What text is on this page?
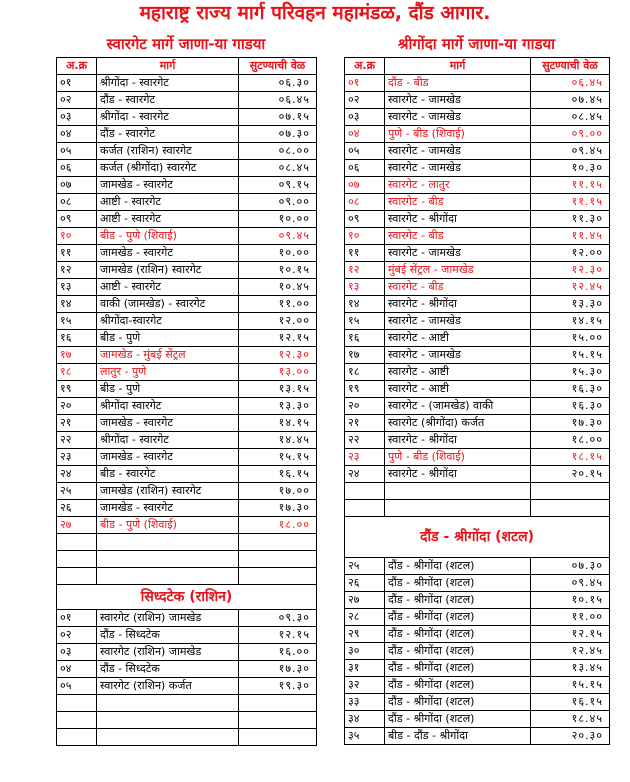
महाराष्ट्र राज्य मार्ग परिवहन महामंडळ, दौंड आगार.
स्वारगेट मार्गे जाणा-या गाडया	श्रीगोंदा मार्गे जाणा-या गाडया
अ.क्र	मार्ग	सुटण्याची वेळ
०१	श्रीगोंदा - स्वारगेट	०६.३०
०२	दौंड - स्वारगेट	०६.४५
०३	श्रीगोंदा - स्वारगेट	०७.१५
०४	दौंड - स्वारगेट	०७.३०
०५	कर्जत (राशिन) स्वारगेट	०८.००
०६	कर्जत (श्रीगोंदा) स्वारगेट	०८.४५
०७	जामखेड - स्वारगेट	०९.१५
०८	आष्टी - स्वारगेट	०९.००
०९	आष्टी - स्वारगेट	१०.००
१०	बीड - पुणे (शिवाई)	०९.४५
११	जामखेड - स्वारगेट	१०.००
१२	जामखेड (राशिन) स्वारगेट	१०.१५
१३	आष्टी - स्वारगेट	१०.४५
१४	वाकी (जामखेड) - स्वारगेट	११.००
१५	श्रीगोंदा-स्वारगेट	१२.००
१६	बीड - पुणे	१२.१५
१७	जामखेड - मुंबई सेंट्रल	१२.३०
१८	लातुर - पुणे	१३.००
१९	बीड - पुणे	१३.१५
२०	श्रीगोंदा स्वारगेट	१३.३०
२१	जामखेड - स्वारगेट	१४.१५
२२	श्रीगोंदा - स्वारगेट	१४.४५
२३	जामखेड - स्वारगेट	१५.१५
२४	बीड - स्वारगेट	१६.१५
२५	जामखेड (राशिन) स्वारगेट	१७.००
२६	जामखेड - स्वारगेट	१७.३०
२७	बीड - पुणे (शिवाई)	१८.००

सिध्दटेक (राशिन)		
०१	स्वारगेट (राशिन) जामखेड	०९.३०
०२	दौंड - सिध्दटेक	१२.१५
०३	स्वारगेट (राशिन) जामखेड	१६.००
०४	दौंड - सिध्दटेक	१७.३०
०५	स्वारगेट (राशिन) कर्जत	१९.३०

अ.क्र	मार्ग	सुटण्याची वेळ
०१	दौंड - बीड	०६.४५
०२	स्वारगेट - जामखेड	०७.४५
०३	स्वारगेट - जामखेड	०८.४५
०४	पुणे - बीड (शिवाई)	०९.००
०५	स्वारगेट - जामखेड	०९.४५
०६	स्वारगेट - जामखेड	१०.३०
०७	स्वारगेट - लातुर	११.१५
०८	स्वारगेट - बीड	११.१५
०९	स्वारगेट - श्रीगोंदा	११.३०
१०	स्वारगेट - बीड	११.४५
११	स्वारगेट - जामखेड	१२.००
१२	मुंबई सेंट्रल - जामखेड	१२.३०
१३	स्वारगेट - बीड	१२.४५
१४	स्वारगेट - श्रीगोंदा	१३.३०
१५	स्वारगेट - जामखेड	१४.१५
१६	स्वारगेट - आष्टी	१५.००
१७	स्वारगेट - जामखेड	१५.१५
१८	स्वारगेट - आष्टी	१५.३०
१९	स्वारगेट - आष्टी	१६.३०
२०	स्वारगेट - (जामखेड) वाकी	१६.३०
२१	स्वारगेट (श्रीगोंदा) कर्जत	१७.३०
२२	स्वारगेट - श्रीगोंदा	१८.००
२३	पुणे - बीड (शिवाई)	१८.१५
२४	स्वारगेट - श्रीगोंदा	२०.१५

दौंड - श्रीगोंदा (शटल)		
२५	दौंड - श्रीगोंदा (शटल)	०७.३०
२६	दौंड - श्रीगोंदा (शटल)	०९.४५
२७	दौंड - श्रीगोंदा (शटल)	१०.१५
२८	दौंड - श्रीगोंदा (शटल)	११.००
२९	दौंड - श्रीगोंदा (शटल)	१२.१५
३०	दौंड - श्रीगोंदा (शटल)	१२.४५
३१	दौंड - श्रीगोंदा (शटल)	१३.४५
३२	दौंड - श्रीगोंदा (शटल)	१५.१५
३३	दौंड - श्रीगोंदा (शटल)	१६.१५
३४	दौंड - श्रीगोंदा (शटल)	१८.४५
३५	बीड - दौंड - श्रीगोंदा	२०.३०
